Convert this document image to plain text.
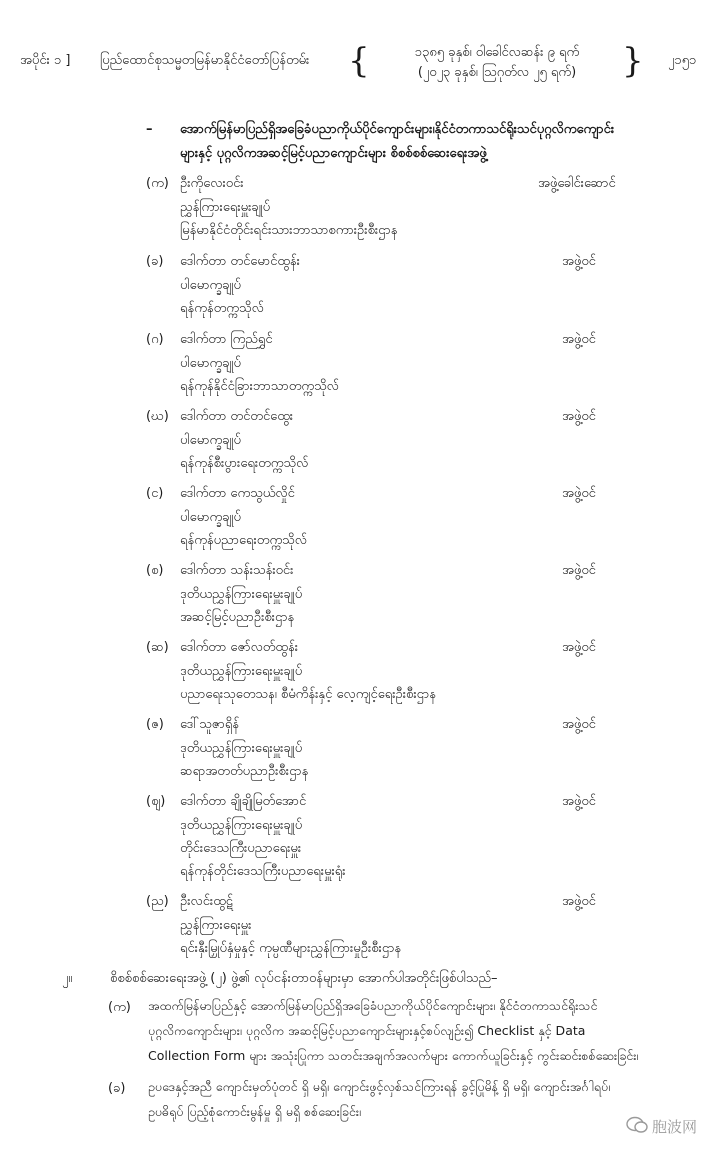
အပိုင်း ၁ ] ပြည်ထောင်စုသမ္မတမြန်မာနိုင်ငံတော်ပြန်တမ်း {	၁၃၈၅ ခုနှစ်၊ ဝါခေါင်လဆန်း ၉ ရက်
(၂၀၂၃ ခုနှစ်၊ ဩဂုတ်လ ၂၅ ရက်)	} ၂၁၅၁
– အောက်မြန်မာပြည်ရှိအခြေခံပညာကိုယ်ပိုင်ကျောင်းများ၊နိုင်ငံတကာသင်ရိုးသင်ပုဂ္ဂလိကကျောင်း
များနှင့် ပုဂ္ဂလိကအဆင့်မြင့်ပညာကျောင်းများ စိစစ်စစ်ဆေးရေးအဖွဲ့
(က) ဦးကိုလေးဝင်း	အဖွဲ့ခေါင်းဆောင်
ညွှန်ကြားရေးမှူးချုပ်
မြန်မာနိုင်ငံတိုင်းရင်းသားဘာသာစကားဦးစီးဌာန
(ခ) ဒေါက်တာ တင်မောင်ထွန်း	အဖွဲ့ဝင်
ပါမောက္ခချုပ်
ရန်ကုန်တက္ကသိုလ်
(ဂ) ဒေါက်တာ ကြည်ရွှင်	အဖွဲ့ဝင်
ပါမောက္ခချုပ်
ရန်ကုန်နိုင်ငံခြားဘာသာတက္ကသိုလ်
(ဃ) ဒေါက်တာ တင်တင်ထွေး	အဖွဲ့ဝင်
ပါမောက္ခချုပ်
ရန်ကုန်စီးပွားရေးတက္ကသိုလ်
(င) ဒေါက်တာ ကေသွယ်လှိုင်	အဖွဲ့ဝင်
ပါမောက္ခချုပ်
ရန်ကုန်ပညာရေးတက္ကသိုလ်
(စ) ဒေါက်တာ သန်းသန်းဝင်း	အဖွဲ့ဝင်
ဒုတိယညွှန်ကြားရေးမှူးချုပ်
အဆင့်မြင့်ပညာဦးစီးဌာန
(ဆ) ဒေါက်တာ ဇော်လတ်ထွန်း	အဖွဲ့ဝင်
ဒုတိယညွှန်ကြားရေးမှူးချုပ်
ပညာရေးသုတေသန၊ စီမံကိန်းနှင့် လေ့ကျင့်ရေးဦးစီးဌာန
(ဇ) ဒေါ်သူဇာရှိန်	အဖွဲ့ဝင်
ဒုတိယညွှန်ကြားရေးမှူးချုပ်
ဆရာအတတ်ပညာဦးစီးဌာန
(ဈ) ဒေါက်တာ ချိုချိုမြတ်အောင်	အဖွဲ့ဝင်
ဒုတိယညွှန်ကြားရေးမှူးချုပ်
တိုင်းဒေသကြီးပညာရေးမှူး
ရန်ကုန်တိုင်းဒေသကြီးပညာရေးမှူးရုံး
(ည) ဦးလင်းထွဋ်	အဖွဲ့ဝင်
ညွှန်ကြားရေးမှူး
ရင်းနှီးမြှုပ်နှံမှုနှင့် ကုမ္ပဏီများညွှန်ကြားမှုဦးစီးဌာန
၂။	စိစစ်စစ်ဆေးရေးအဖွဲ့ (၂) ဖွဲ့၏ လုပ်ငန်းတာဝန်များမှာ အောက်ပါအတိုင်းဖြစ်ပါသည်–
(က) အထက်မြန်မာပြည်နှင့် အောက်မြန်မာပြည်ရှိအခြေခံပညာကိုယ်ပိုင်ကျောင်းများ၊ နိုင်ငံတကာသင်ရိုးသင်
ပုဂ္ဂလိကကျောင်းများ၊ ပုဂ္ဂလိက အဆင့်မြင့်ပညာကျောင်းများနှင့်စပ်လျဉ်း၍ Checklist နှင့် Data
Collection Form များ အသုံးပြုကာ သတင်းအချက်အလက်များ ကောက်ယူခြင်းနှင့် ကွင်းဆင်းစစ်ဆေးခြင်း၊
(ခ) ဥပဒေနှင့်အညီ ကျောင်းမှတ်ပုံတင် ရှိ မရှိ၊ ကျောင်းဖွင့်လှစ်သင်ကြားရန် ခွင့်ပြုမိန့် ရှိ မရှိ၊ ကျောင်းအင်္ဂါရပ်၊
ဥပဓိရုပ် ပြည့်စုံကောင်းမွန်မှု ရှိ မရှိ စစ်ဆေးခြင်း၊
胞波网
